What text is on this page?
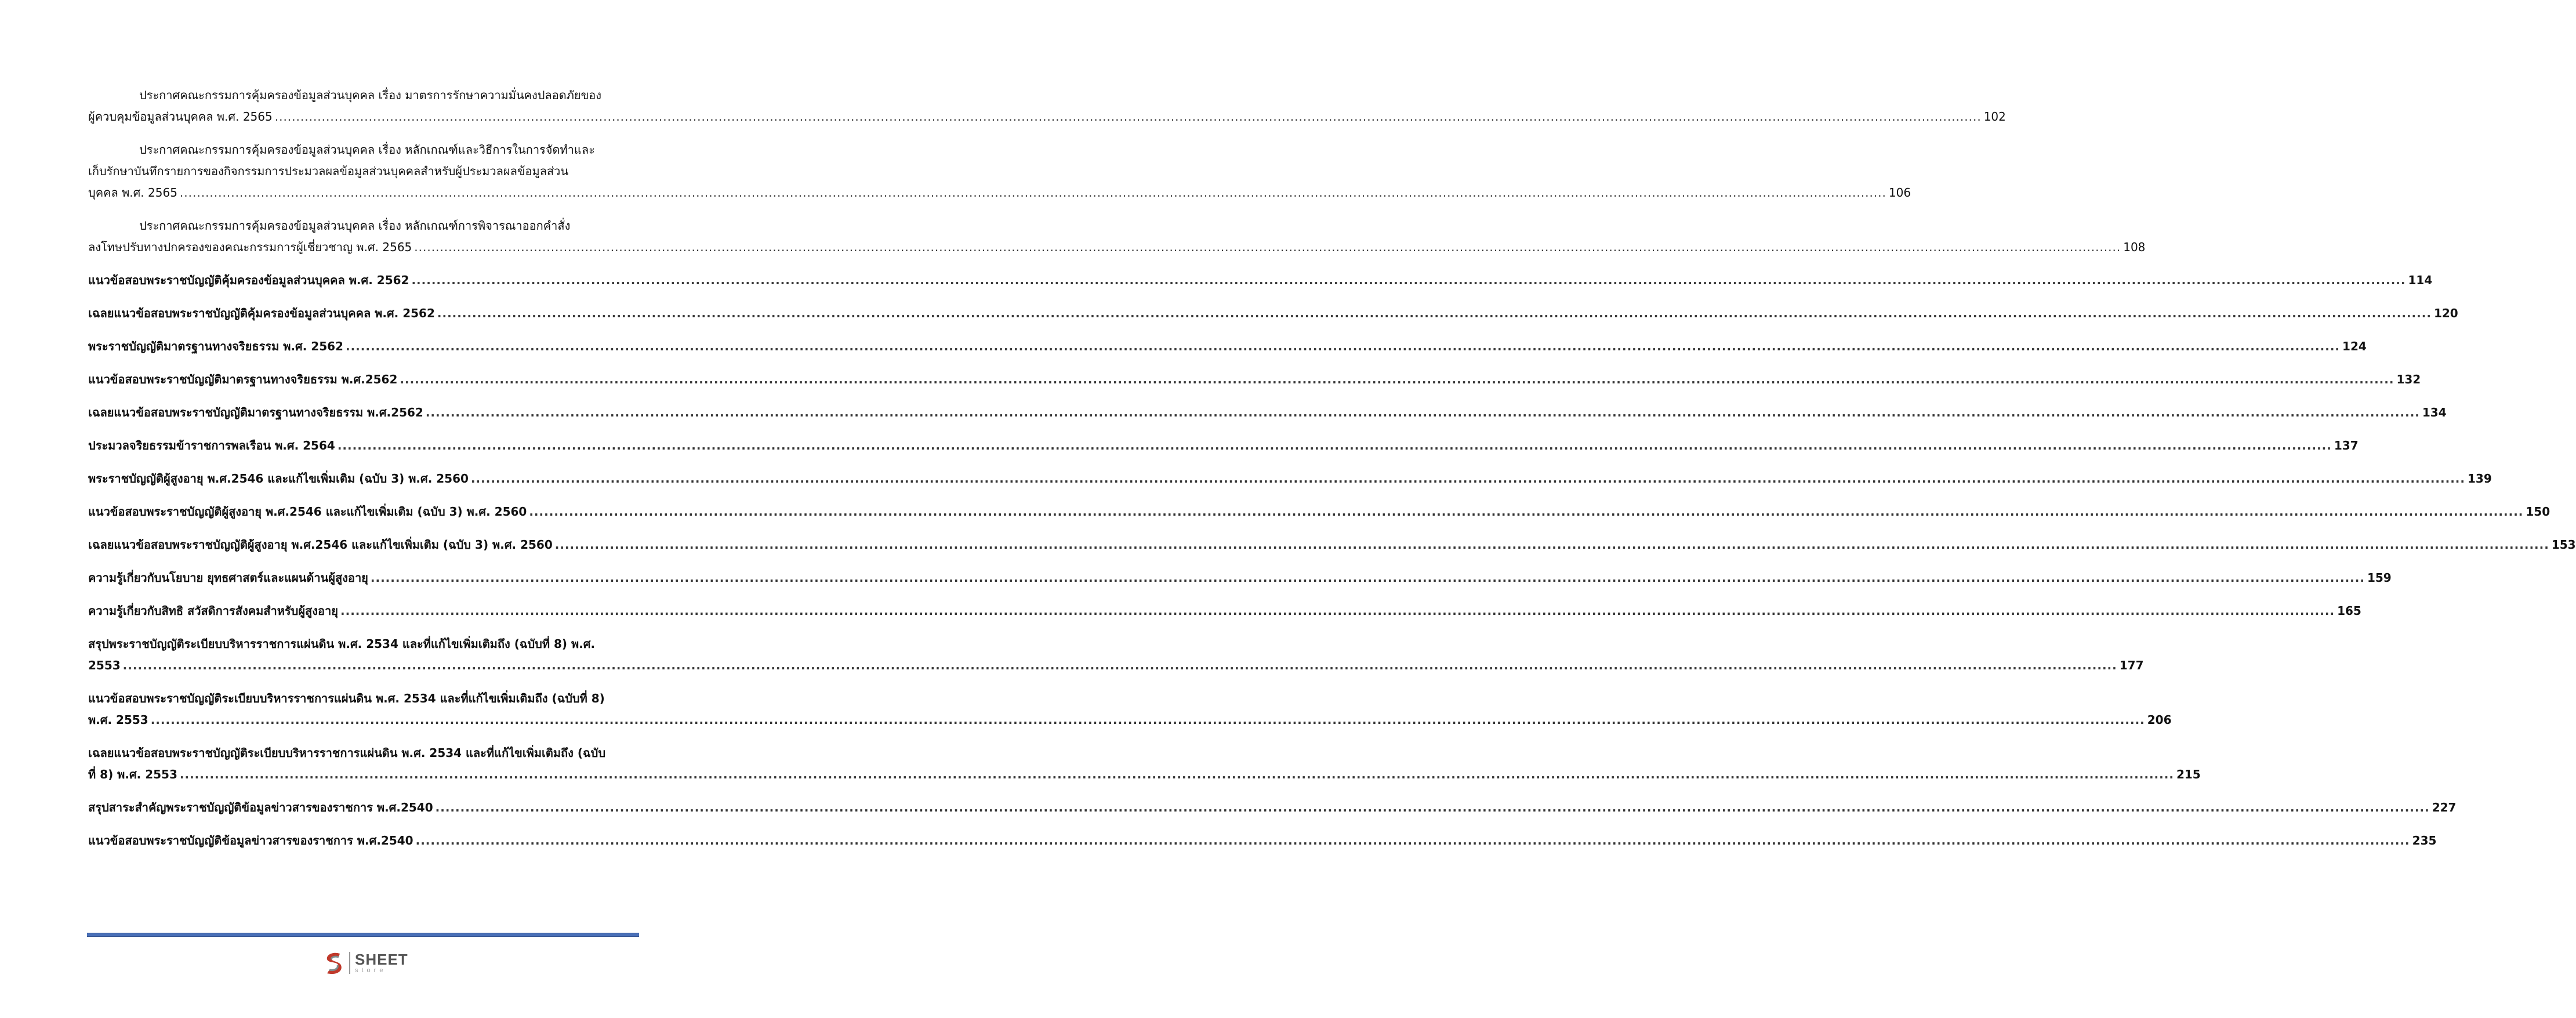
ประกาศคณะกรรมการคุ้มครองข้อมูลส่วนบุคคล เรื่อง มาตรการรักษาความมั่นคงปลอดภัยของ
ผู้ควบคุมข้อมูลส่วนบุคคล พ.ศ. 2565 ................................................................................................................................................................................................................................................................................................................................................................................................................ 102
ประกาศคณะกรรมการคุ้มครองข้อมูลส่วนบุคคล เรื่อง หลักเกณฑ์และวิธีการในการจัดทำและ
เก็บรักษาบันทึกรายการของกิจกรรมการประมวลผลข้อมูลส่วนบุคคลสำหรับผู้ประมวลผลข้อมูลส่วน
บุคคล พ.ศ. 2565 ................................................................................................................................................................................................................................................................................................................................................................................................................ 106
ประกาศคณะกรรมการคุ้มครองข้อมูลส่วนบุคคล เรื่อง หลักเกณฑ์การพิจารณาออกคำสั่ง
ลงโทษปรับทางปกครองของคณะกรรมการผู้เชี่ยวชาญ พ.ศ. 2565 ................................................................................................................................................................................................................................................................................................................................................................................................................ 108
แนวข้อสอบพระราชบัญญัติคุ้มครองข้อมูลส่วนบุคคล พ.ศ. 2562 ................................................................................................................................................................................................................................................................................................................................................................................................................ 114
เฉลยแนวข้อสอบพระราชบัญญัติคุ้มครองข้อมูลส่วนบุคคล พ.ศ. 2562 ................................................................................................................................................................................................................................................................................................................................................................................................................ 120
พระราชบัญญัติมาตรฐานทางจริยธรรม พ.ศ. 2562 ................................................................................................................................................................................................................................................................................................................................................................................................................ 124
แนวข้อสอบพระราชบัญญัติมาตรฐานทางจริยธรรม พ.ศ.2562 ................................................................................................................................................................................................................................................................................................................................................................................................................ 132
เฉลยแนวข้อสอบพระราชบัญญัติมาตรฐานทางจริยธรรม พ.ศ.2562 ................................................................................................................................................................................................................................................................................................................................................................................................................ 134
ประมวลจริยธรรมข้าราชการพลเรือน พ.ศ. 2564 ................................................................................................................................................................................................................................................................................................................................................................................................................ 137
พระราชบัญญัติผู้สูงอายุ พ.ศ.2546 และแก้ไขเพิ่มเติม (ฉบับ 3) พ.ศ. 2560 ................................................................................................................................................................................................................................................................................................................................................................................................................ 139
แนวข้อสอบพระราชบัญญัติผู้สูงอายุ พ.ศ.2546 และแก้ไขเพิ่มเติม (ฉบับ 3) พ.ศ. 2560 ................................................................................................................................................................................................................................................................................................................................................................................................................ 150
เฉลยแนวข้อสอบพระราชบัญญัติผู้สูงอายุ พ.ศ.2546 และแก้ไขเพิ่มเติม (ฉบับ 3) พ.ศ. 2560 ................................................................................................................................................................................................................................................................................................................................................................................................................ 153
ความรู้เกี่ยวกับนโยบาย ยุทธศาสตร์และแผนด้านผู้สูงอายุ ................................................................................................................................................................................................................................................................................................................................................................................................................ 159
ความรู้เกี่ยวกับสิทธิ สวัสดิการสังคมสำหรับผู้สูงอายุ ................................................................................................................................................................................................................................................................................................................................................................................................................ 165
สรุปพระราชบัญญัติระเบียบบริหารราชการแผ่นดิน พ.ศ. 2534 และที่แก้ไขเพิ่มเติมถึง (ฉบับที่ 8) พ.ศ.
2553 ................................................................................................................................................................................................................................................................................................................................................................................................................ 177
แนวข้อสอบพระราชบัญญัติระเบียบบริหารราชการแผ่นดิน พ.ศ. 2534 และที่แก้ไขเพิ่มเติมถึง (ฉบับที่ 8)
พ.ศ. 2553 ................................................................................................................................................................................................................................................................................................................................................................................................................ 206
เฉลยแนวข้อสอบพระราชบัญญัติระเบียบบริหารราชการแผ่นดิน พ.ศ. 2534 และที่แก้ไขเพิ่มเติมถึง (ฉบับ
ที่ 8) พ.ศ. 2553 ................................................................................................................................................................................................................................................................................................................................................................................................................ 215
สรุปสาระสำคัญพระราชบัญญัติข้อมูลข่าวสารของราชการ พ.ศ.2540 ................................................................................................................................................................................................................................................................................................................................................................................................................ 227
แนวข้อสอบพระราชบัญญัติข้อมูลข่าวสารของราชการ พ.ศ.2540 ................................................................................................................................................................................................................................................................................................................................................................................................................ 235
SHEET
store
